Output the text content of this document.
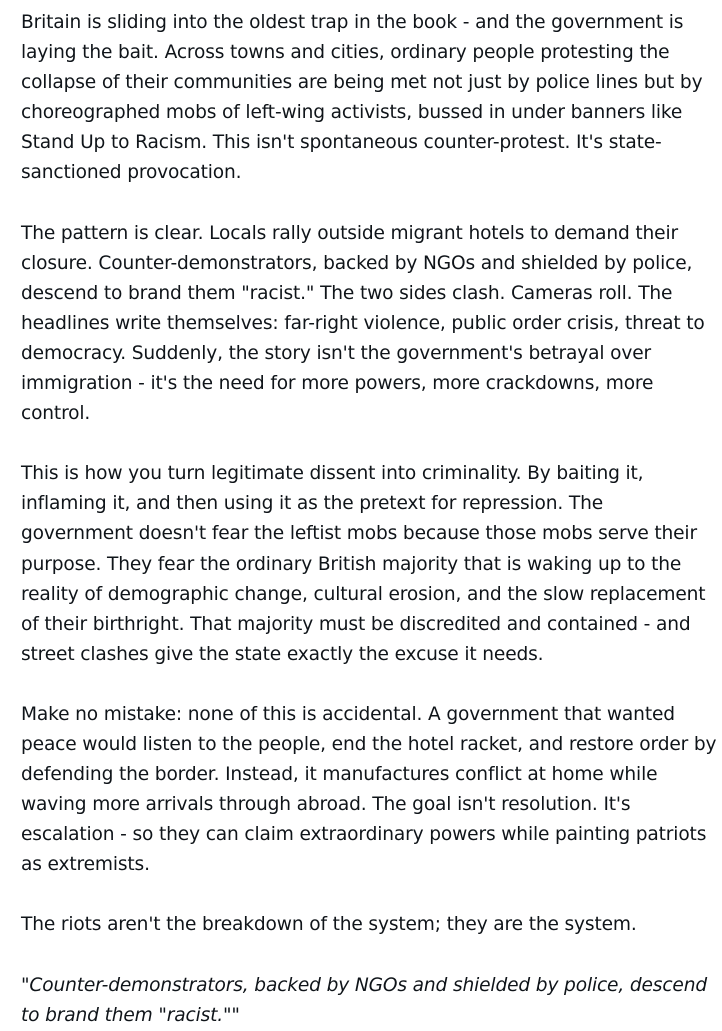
Britain is sliding into the oldest trap in the book - and the government is laying the bait. Across towns and cities, ordinary people protesting the collapse of their communities are being met not just by police lines but by choreographed mobs of left-wing activists, bussed in under banners like Stand Up to Racism. This isn't spontaneous counter-protest. It's state-sanctioned provocation.

The pattern is clear. Locals rally outside migrant hotels to demand their closure. Counter-demonstrators, backed by NGOs and shielded by police, descend to brand them "racist." The two sides clash. Cameras roll. The headlines write themselves: far-right violence, public order crisis, threat to democracy. Suddenly, the story isn't the government's betrayal over immigration - it's the need for more powers, more crackdowns, more control.

This is how you turn legitimate dissent into criminality. By baiting it, inflaming it, and then using it as the pretext for repression. The government doesn't fear the leftist mobs because those mobs serve their purpose. They fear the ordinary British majority that is waking up to the reality of demographic change, cultural erosion, and the slow replacement of their birthright. That majority must be discredited and contained - and street clashes give the state exactly the excuse it needs.

Make no mistake: none of this is accidental. A government that wanted peace would listen to the people, end the hotel racket, and restore order by defending the border. Instead, it manufactures conflict at home while waving more arrivals through abroad. The goal isn't resolution. It's escalation - so they can claim extraordinary powers while painting patriots as extremists.

The riots aren't the breakdown of the system; they are the system.

"Counter-demonstrators, backed by NGOs and shielded by police, descend to brand them "racist.""
